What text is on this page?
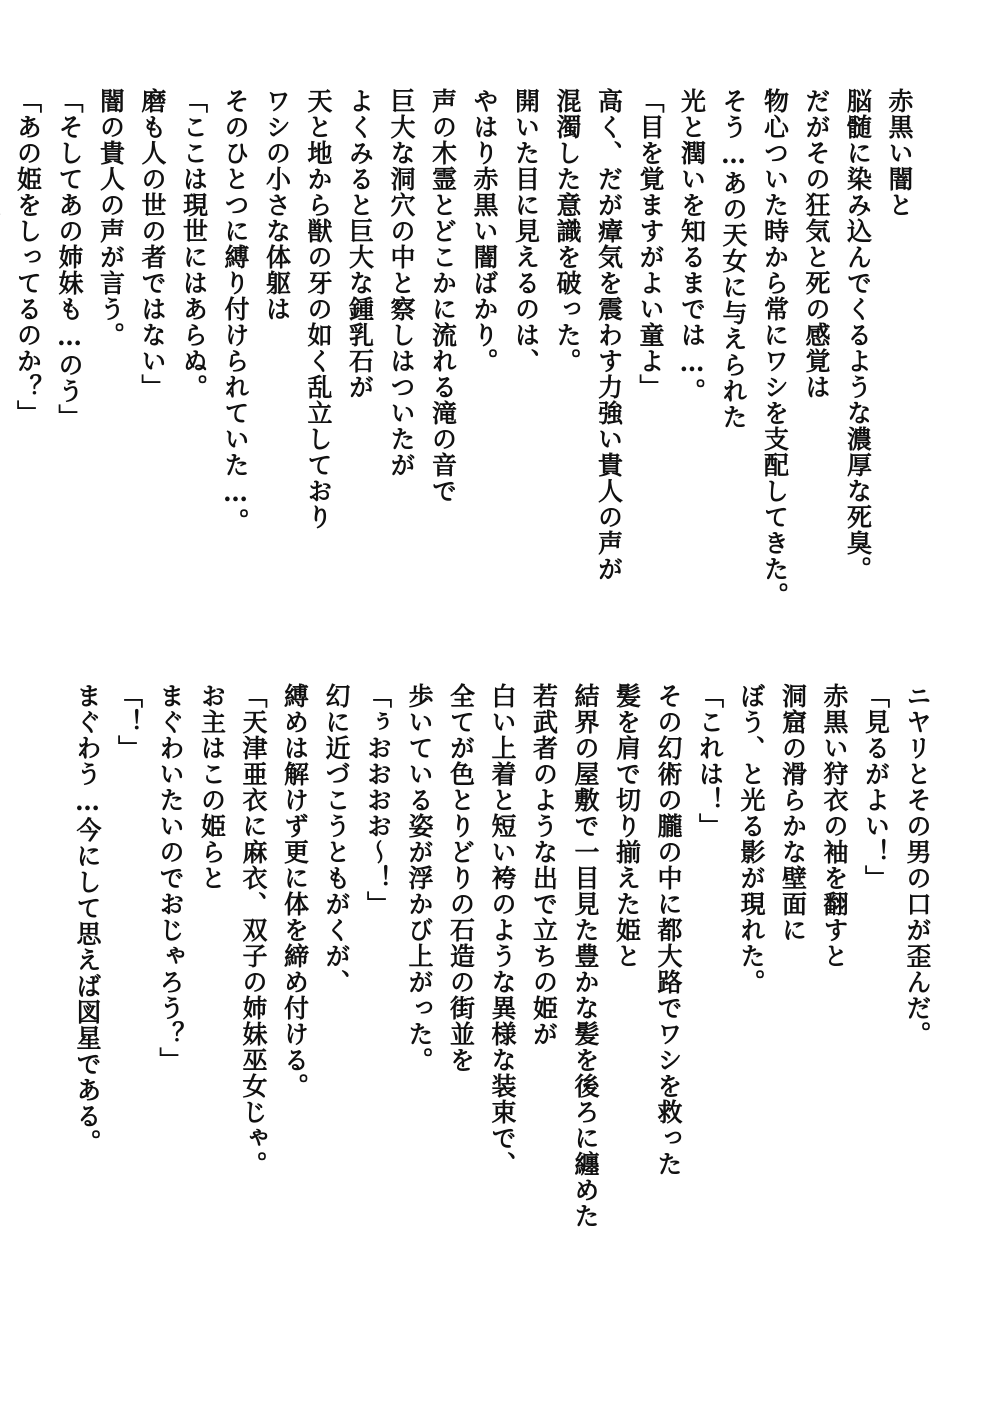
赤黒い闇と
脳髄に染み込んでくるような濃厚な死臭。
だがその狂気と死の感覚は
物心ついた時から常にワシを支配してきた。
そう…あの天女に与えられた
光と潤いを知るまでは…。
「目を覚ますがよい童よ」
高く、だが瘴気を震わす力強い貴人の声が
混濁した意識を破った。
開いた目に見えるのは、
やはり赤黒い闇ばかり。
声の木霊とどこかに流れる滝の音で
巨大な洞穴の中と察しはついたが
よくみると巨大な鍾乳石が
天と地から獣の牙の如く乱立しており
ワシの小さな体躯は
そのひとつに縛り付けられていた…。
「ここは現世にはあらぬ。
磨も人の世の者ではない」
闇の貴人の声が言う。
「そしてあの姉妹も…のう」
「あの姫をしってるのか？」
ニヤリとその男の口が歪んだ。
「見るがよい！」
赤黒い狩衣の袖を翻すと
洞窟の滑らかな壁面に
ぼう、と光る影が現れた。
「これは！」
その幻術の朧の中に都大路でワシを救った
髪を肩で切り揃えた姫と
結界の屋敷で一目見た豊かな髪を後ろに纏めた
若武者のような出で立ちの姫が
白い上着と短い袴のような異様な装束で、
全てが色とりどりの石造の街並を
歩いている姿が浮かび上がった。
「ぅおおおお〜！」
幻に近づこうともがくが、
縛めは解けず更に体を締め付ける。
「天津亜衣に麻衣、双子の姉妹巫女じゃ。
お主はこの姫らと
まぐわいたいのでおじゃろう？」
「！」
まぐわう…今にして思えば図星である。
